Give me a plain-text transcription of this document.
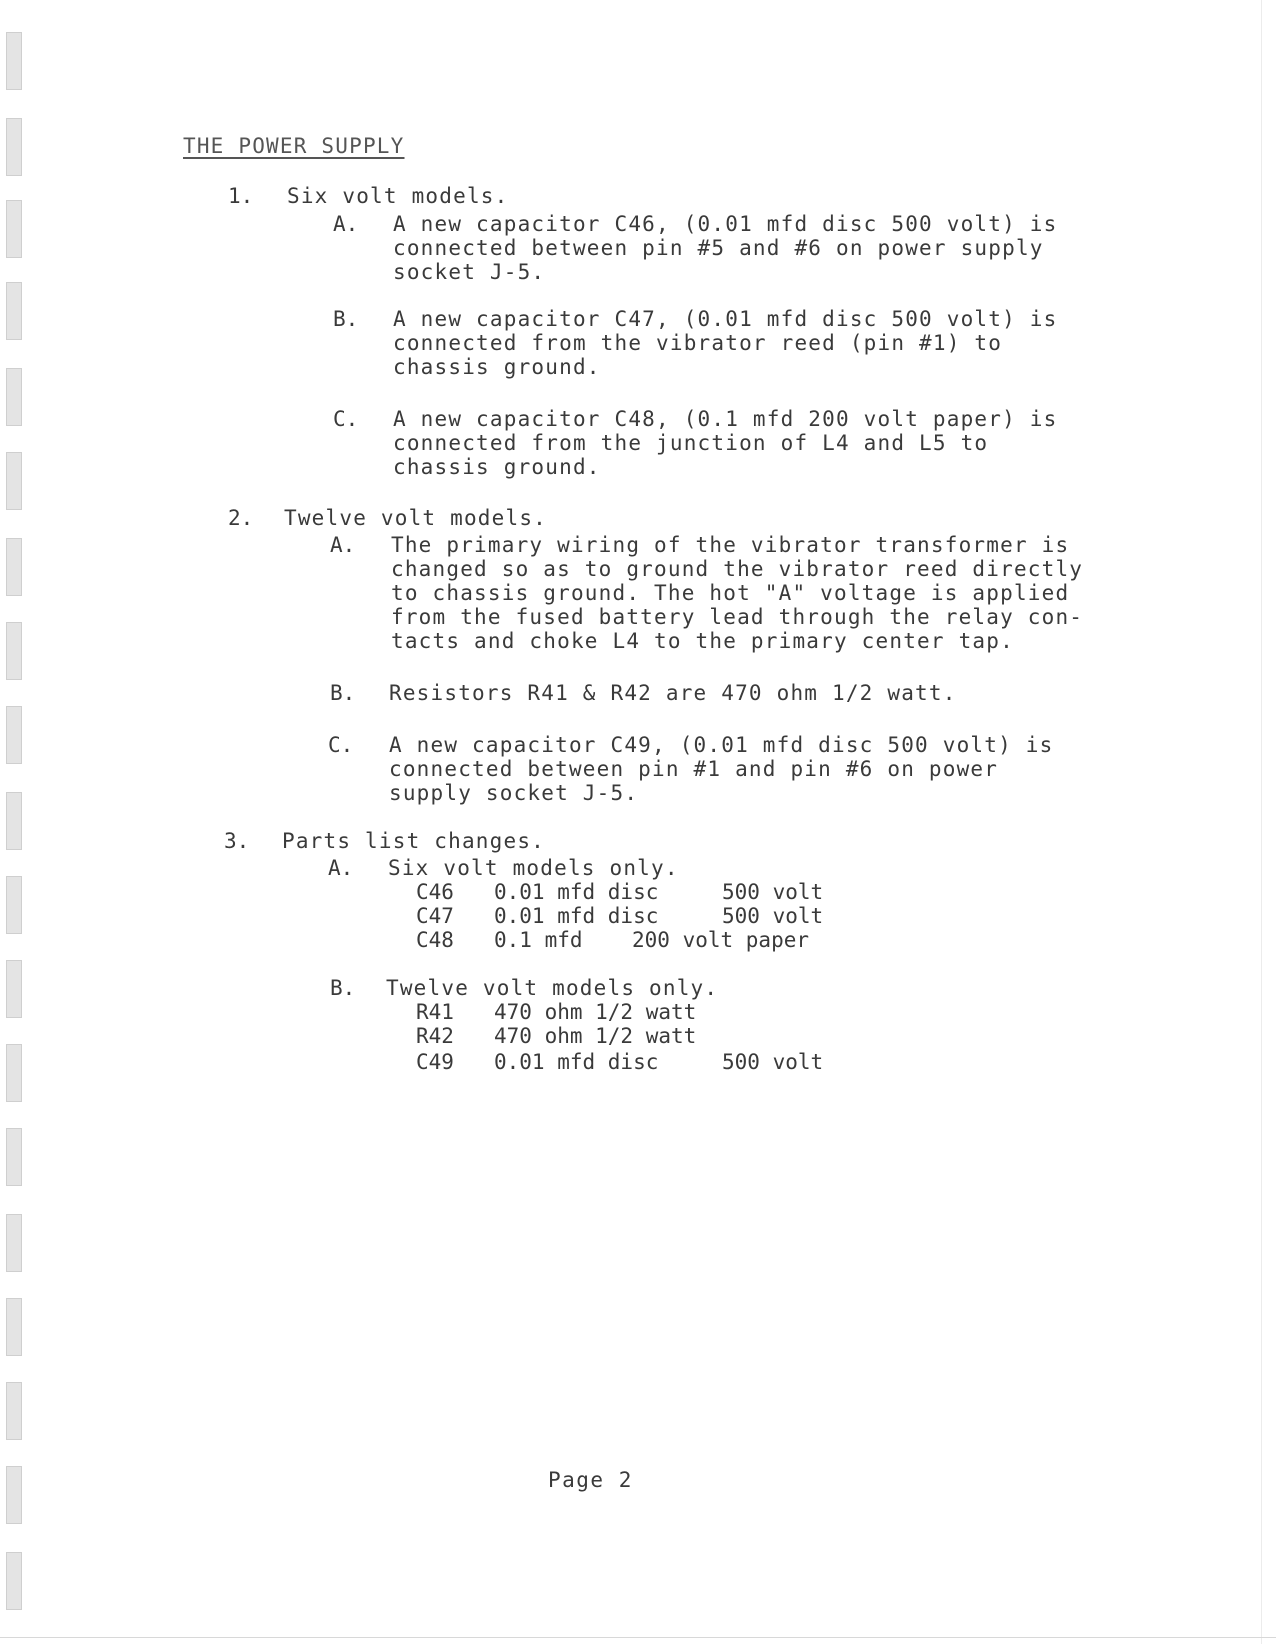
THE POWER SUPPLY
1. Six volt models.
A. A new capacitor C46, (0.01 mfd disc 500 volt) is
connected between pin #5 and #6 on power supply
socket J-5.
B. A new capacitor C47, (0.01 mfd disc 500 volt) is
connected from the vibrator reed (pin #1) to
chassis ground.
C. A new capacitor C48, (0.1 mfd 200 volt paper) is
connected from the junction of L4 and L5 to
chassis ground.
2. Twelve volt models.
A. The primary wiring of the vibrator transformer is
changed so as to ground the vibrator reed directly
to chassis ground. The hot "A" voltage is applied
from the fused battery lead through the relay con-
tacts and choke L4 to the primary center tap.
B. Resistors R41 & R42 are 470 ohm 1/2 watt.
C. A new capacitor C49, (0.01 mfd disc 500 volt) is
connected between pin #1 and pin #6 on power
supply socket J-5.
3. Parts list changes.
A. Six volt models only.
C46 0.01 mfd disc	500 volt
C47 0.01 mfd disc	500 volt
C48 0.1 mfd 200 volt paper
B. Twelve volt models only.
R41 470 ohm 1/2 watt
R42 470 ohm 1/2 watt
C49 0.01 mfd disc	500 volt
Page 2
